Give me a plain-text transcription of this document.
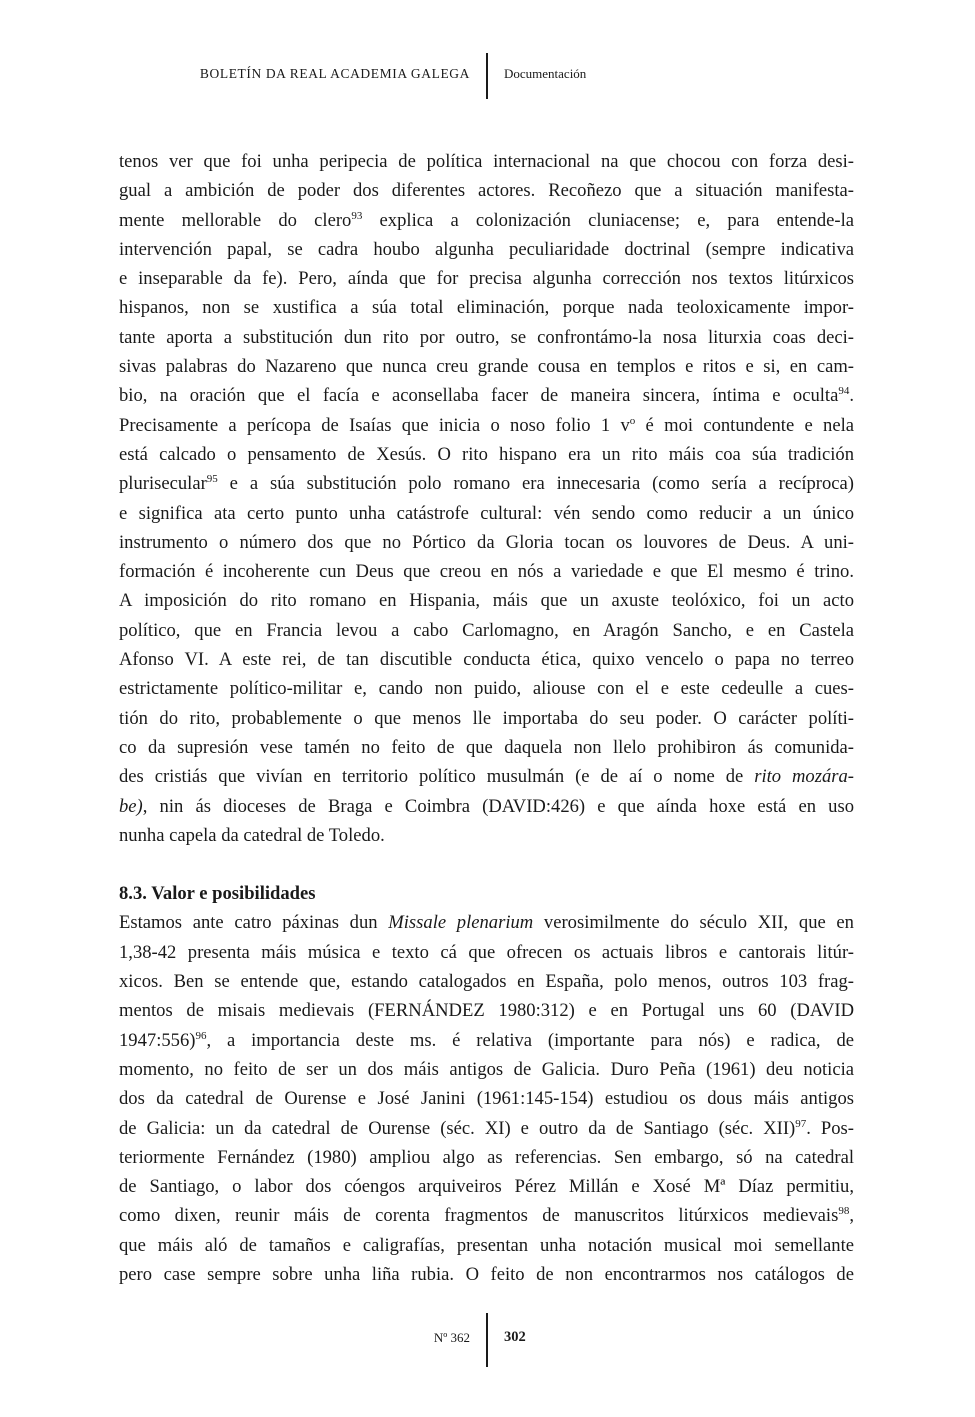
BOLETÍN DA REAL ACADEMIA GALEGA	Documentación
tenos ver que foi unha peripecia de política internacional na que chocou con forza desi-
gual a ambición de poder dos diferentes actores. Recoñezo que a situación manifesta-
mente mellorable do clero$^{93}$ explica a colonización cluniacense; e, para entende-la
intervención papal, se cadra houbo algunha peculiaridade doctrinal (sempre indicativa
e inseparable da fe). Pero, aínda que for precisa algunha corrección nos textos litúrxicos
hispanos, non se xustifica a súa total eliminación, porque nada teoloxicamente impor-
tante aporta a substitución dun rito por outro, se confrontámo-la nosa liturxia coas deci-
sivas palabras do Nazareno que nunca creu grande cousa en templos e ritos e si, en cam-
bio, na oración que el facía e aconsellaba facer de maneira sincera, íntima e oculta$^{94}$.
Precisamente a perícopa de Isaías que inicia o noso folio 1 $v^o$ é moi contundente e nela
está calcado o pensamento de Xesús. O rito hispano era un rito máis coa súa tradición
plurisecular$^{95}$ e a súa substitución polo romano era innecesaria (como sería a recíproca)
e significa ata certo punto unha catástrofe cultural: vén sendo como reducir a un único
instrumento o número dos que no Pórtico da Gloria tocan os louvores de Deus. A uni-
formación é incoherente cun Deus que creou en nós a variedade e que El mesmo é trino.
A imposición do rito romano en Hispania, máis que un axuste teolóxico, foi un acto
político, que en Francia levou a cabo Carlomagno, en Aragón Sancho, e en Castela
Afonso VI. A este rei, de tan discutible conducta ética, quixo vencelo o papa no terreo
estrictamente político-militar e, cando non puido, aliouse con el e este cedeulle a cues-
tión do rito, probablemente o que menos lle importaba do seu poder. O carácter políti-
co da supresión vese tamén no feito de que daquela non llelo prohibiron ás comunida-
des cristiás que vivían en territorio político musulmán (e de aí o nome de rito mozára-
be), nin ás dioceses de Braga e Coimbra (DAVID:426) e que aínda hoxe está en uso
nunha capela da catedral de Toledo.
8.3. Valor e posibilidades
Estamos ante catro páxinas dun Missale plenarium verosimilmente do século XII, que en
1,38-42 presenta máis música e texto cá que ofrecen os actuais libros e cantorais litúr-
xicos. Ben se entende que, estando catalogados en España, polo menos, outros 103 frag-
mentos de misais medievais (FERNÁNDEZ 1980:312) e en Portugal uns 60 (DAVID
1947:556)$^{96}$, a importancia deste ms. é relativa (importante para nós) e radica, de
momento, no feito de ser un dos máis antigos de Galicia. Duro Peña (1961) deu noticia
dos da catedral de Ourense e José Janini (1961:145-154) estudiou os dous máis antigos
de Galicia: un da catedral de Ourense (séc. XI) e outro da de Santiago (séc. XII)$^{97}$. Pos-
teriormente Fernández (1980) ampliou algo as referencias. Sen embargo, só na catedral
de Santiago, o labor dos cóengos arquiveiros Pérez Millán e Xosé Mª Díaz permitiu,
como dixen, reunir máis de corenta fragmentos de manuscritos litúrxicos medievais$^{98}$,
que máis aló de tamaños e caligrafías, presentan unha notación musical moi semellante
pero case sempre sobre unha liña rubia. O feito de non encontrarmos nos catálogos de
Nº 362 302
